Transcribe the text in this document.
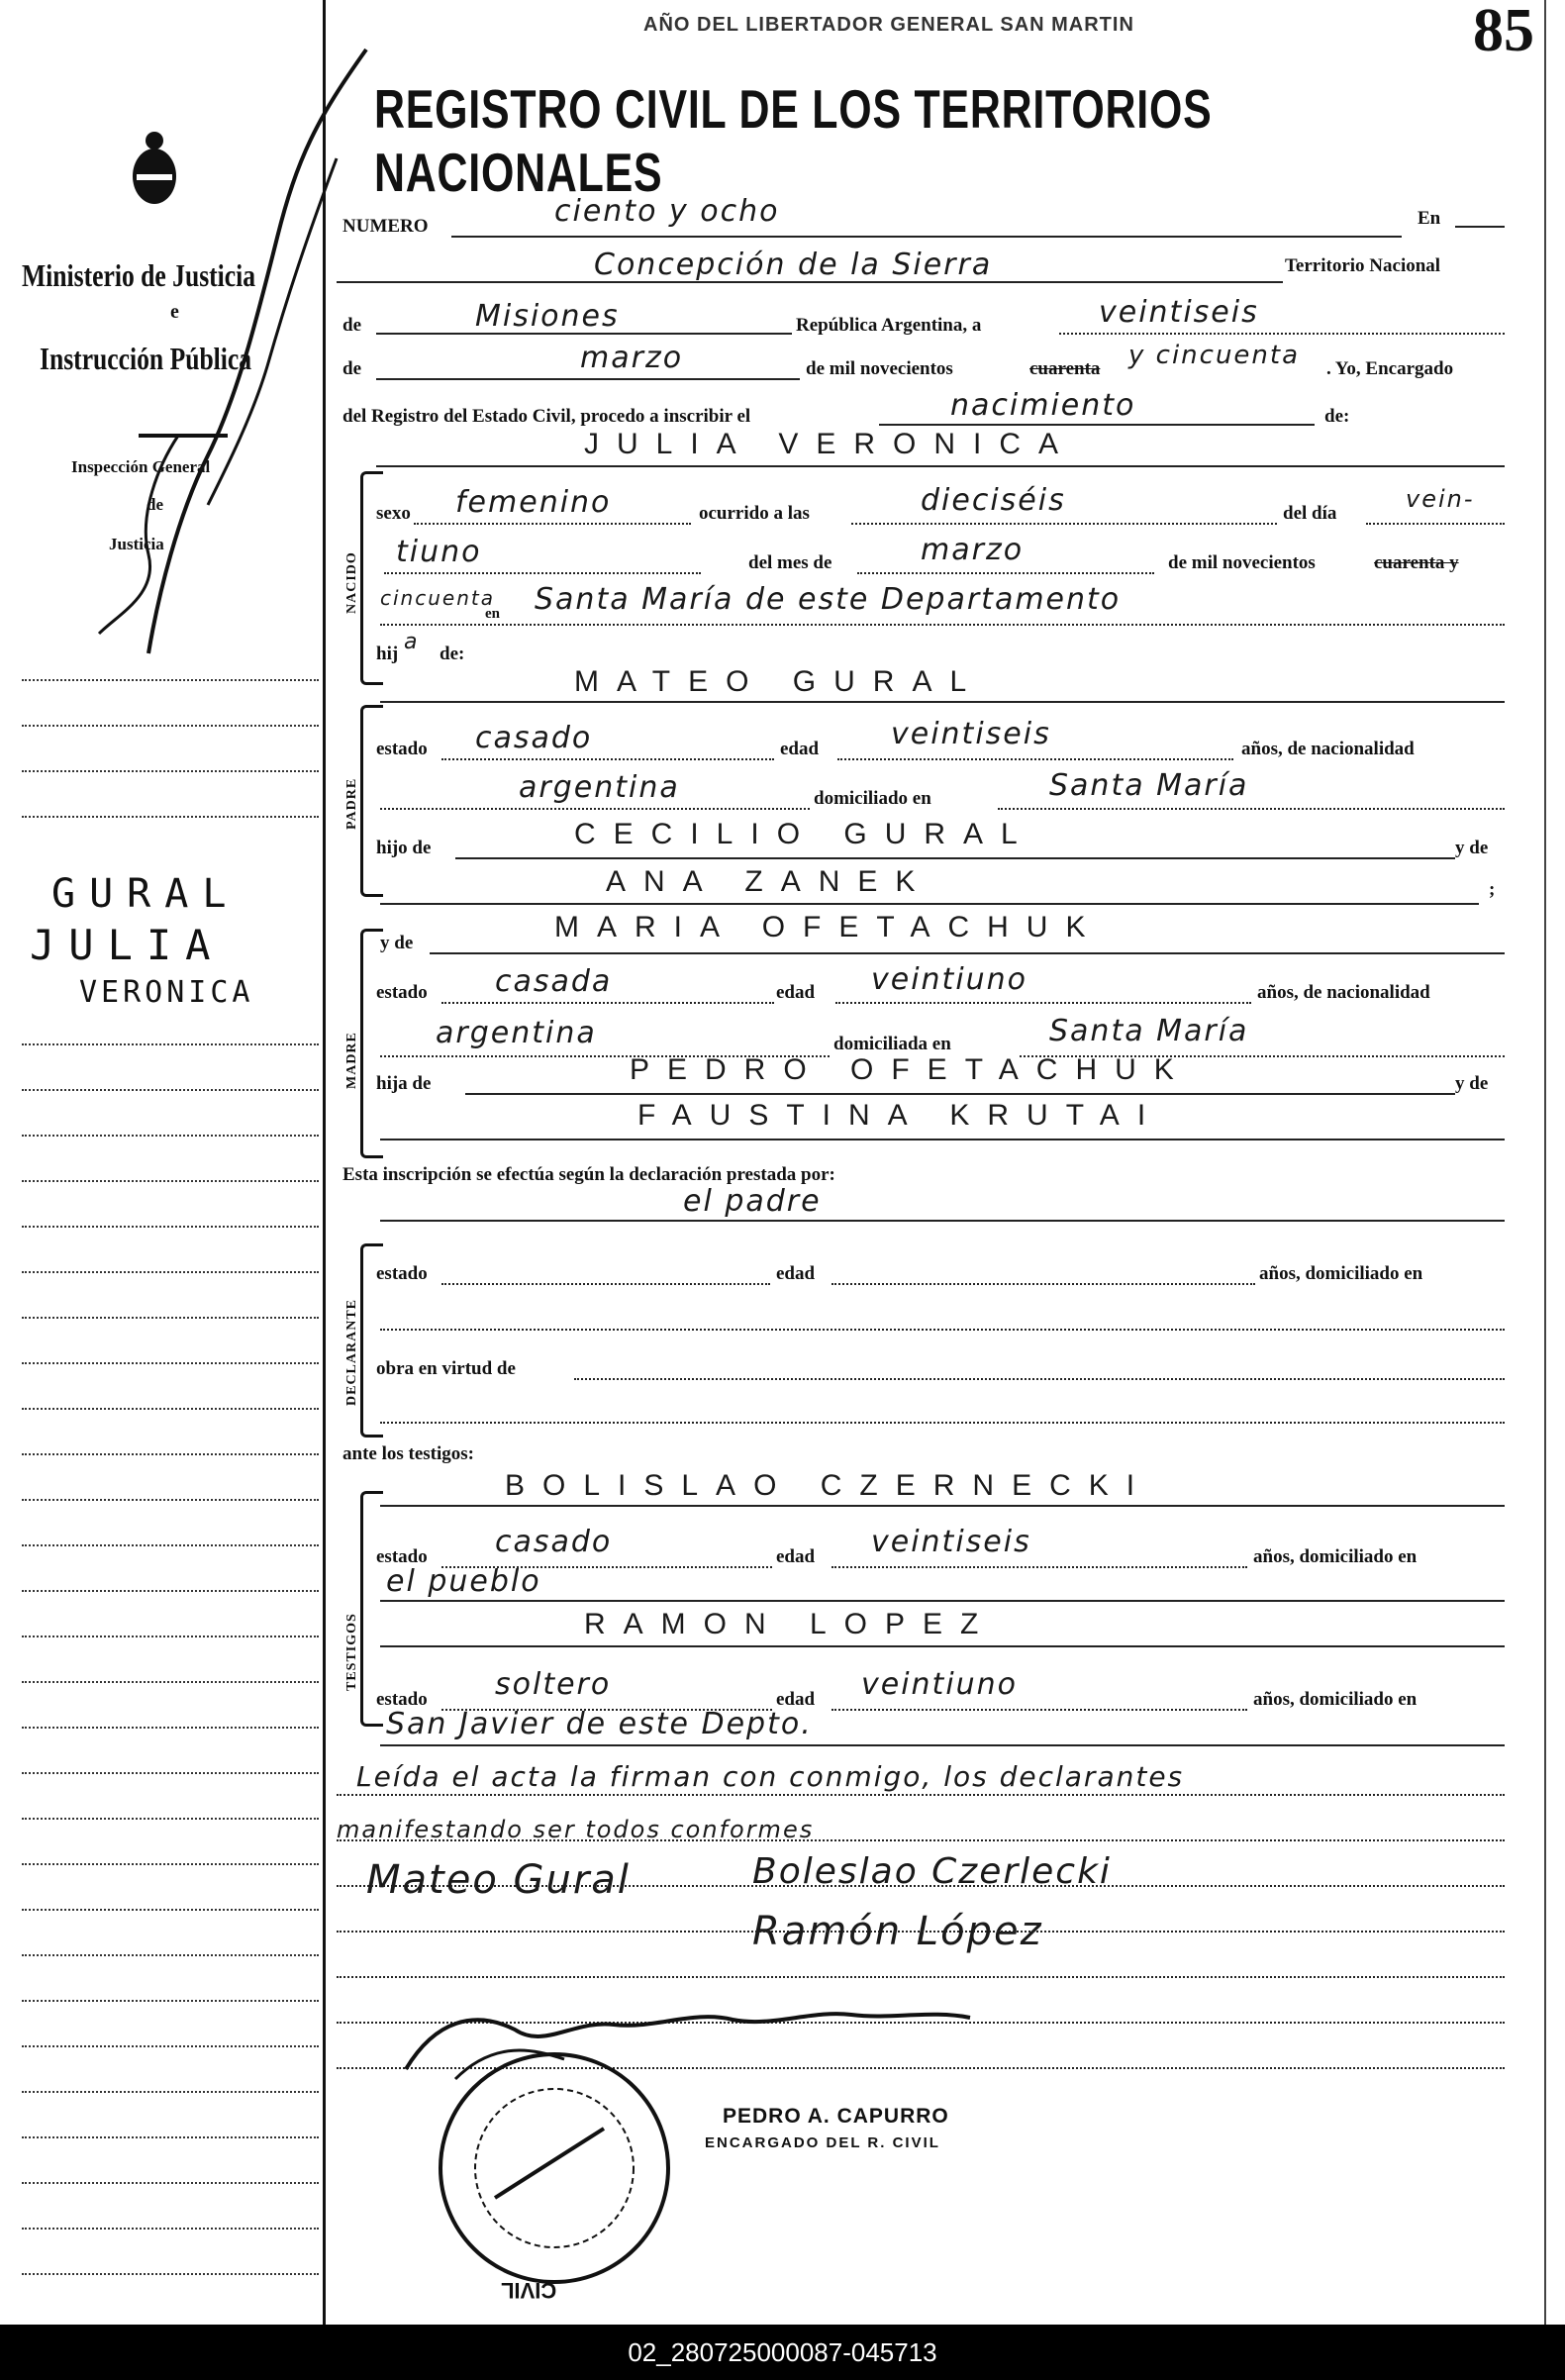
AÑO DEL LIBERTADOR GENERAL SAN MARTIN	85
REGISTRO CIVIL DE LOS TERRITORIOS NACIONALES
Ministerio de Justicia
e
Instrucción Pública
Inspección General
de
Justicia
GURAL
JULIA
VERONICA
NUMERO	ciento y ocho	En
Concepción de la Sierra	Territorio Nacional
de	Misiones	República Argentina, a	veintiseis
de	marzo	de mil novecientos	cuarenta y cincuenta . Yo, Encargado
del Registro del Estado Civil, procedo a inscribir el	nacimiento	de:
JULIA VERONICA
NACIDO
sexo femenino	ocurrido a las	dieciséis	del día
vein-
tiuno	del mes de	marzo	de mil novecientos	cuarenta y
cincuenta
en Santa María de este Departamento
hij a de:
PADRE
MATEO GURAL
estado casado	edad veintiseis	años, de nacionalidad
argentina	domiciliado en	Santa María
hijo de	CECILIO GURAL	y de
ANA ZANEK	;
MADRE
y de	MARIA OFETACHUK
estado casada	edad veintiuno	años, de nacionalidad
argentina	domiciliada en	Santa María
hija de	PEDRO OFETACHUK	y de
FAUSTINA KRUTAI
Esta inscripción se efectúa según la declaración prestada por:
el padre
DECLARANTE
estado	edad	años, domiciliado en
obra en virtud de
ante los testigos:
TESTIGOS
BOLISLAO CZERNECKI
estado casado	edad veintiseis	años, domiciliado en
el pueblo
RAMON LOPEZ
estado soltero	edad veintiuno	años, domiciliado en
San Javier de este Depto.
Leída el acta la firman con conmigo, los declarantes
manifestando ser todos conformes
Mateo Gural	Boleslao Czerlecki
Ramón López
PEDRO A. CAPURRO
ENCARGADO DEL R. CIVIL
CIVIL
02_280725000087-045713
